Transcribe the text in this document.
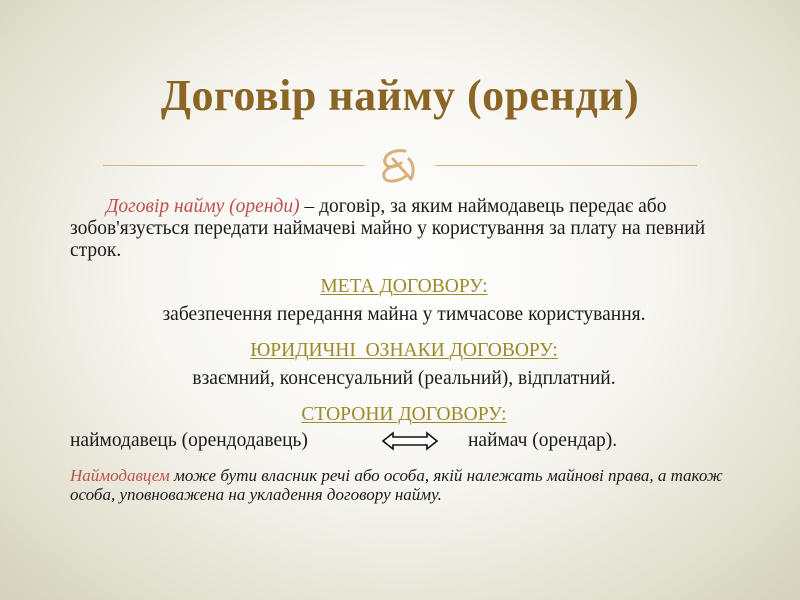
Договір найму (оренди)

Договір найму (оренди) – договір, за яким наймодавець передає або зобов'язується передати наймачеві майно у користування за плату на певний строк.

МЕТА ДОГОВОРУ:

забезпечення передання майна у тимчасове користування.

ЮРИДИЧНІ  ОЗНАКИ ДОГОВОРУ:

взаємний, консенсуальний (реальний), відплатний.

СТОРОНИ ДОГОВОРУ:

наймодавець (орендодавець)	наймач (орендар).

Наймодавцем може бути власник речі або особа, якій належать майнові права, а також особа, уповноважена на укладення договору найму.
